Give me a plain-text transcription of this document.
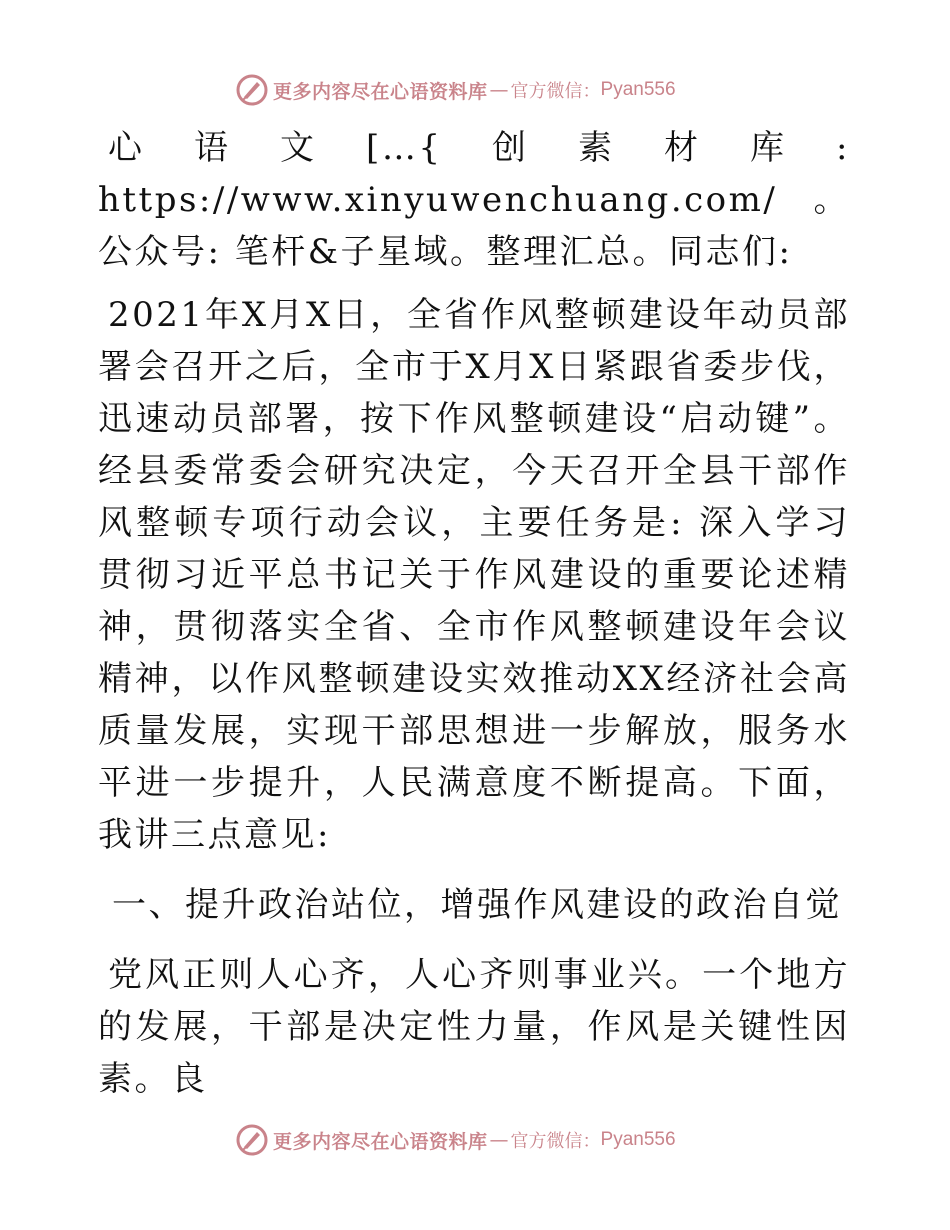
更多内容尽在心语资料库 — 官方微信： Pyan556

心语文[…{创素材库: https://www.xinyuwenchuang.com/。公众号: 笔杆&子星域。整理汇总。同志们:

2021年X月X日，全省作风整顿建设年动员部署会召开之后，全市于X月X日紧跟省委步伐，迅速动员部署，按下作风整顿建设“启动键”。经县委常委会研究决定，今天召开全县干部作风整顿专项行动会议，主要任务是: 深入学习贯彻习近平总书记关于作风建设的重要论述精神，贯彻落实全省、全市作风整顿建设年会议精神，以作风整顿建设实效推动XX经济社会高质量发展，实现干部思想进一步解放，服务水平进一步提升，人民满意度不断提高。下面，我讲三点意见:

一、提升政治站位，增强作风建设的政治自觉

党风正则人心齐，人心齐则事业兴。一个地方的发展，干部是决定性力量，作风是关键性因素。良

更多内容尽在心语资料库 — 官方微信： Pyan556
